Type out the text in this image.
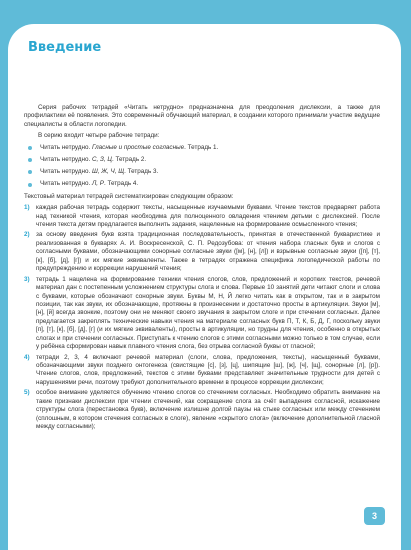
Введение

Серия рабочих тетрадей «Читать нетрудно» предназначена для преодоления дислексии, а также для профилактики её появления. Это современный обучающий материал, в создании которого принимали участие ведущие специалисты в области логопедии.

В серию входит четыре рабочие тетради:

Читать нетрудно. Гласные и простые согласные. Тетрадь 1.
Читать нетрудно. С, З, Ц. Тетрадь 2.
Читать нетрудно. Ш, Ж, Ч, Щ. Тетрадь 3.
Читать нетрудно. Л, Р. Тетрадь 4.

Текстовый материал тетрадей систематизирован следующим образом:

1)	каждая рабочая тетрадь содержит тексты, насыщенные изучаемыми буквами. Чтение текстов предваряет работа над техникой чтения, которая необходима для полноценного овладения чтением детьми с дислексией. После чтения текста детям предлагается выполнить задания, нацеленные на формирование осмысленного чтения;
2)	за основу введения букв взята традиционная последовательность, принятая в отечественной букваристике и реализованная в букварях А. И. Воскресенской, С. П. Редозубова: от чтения набора гласных букв и слогов с согласными буквами, обозначающими сонорные согласные звуки ([м], [н], [л]) и взрывные согласные звуки ([п], [т], [к], [б], [д], [г]) и их мягкие эквиваленты. Также в тетрадях отражена специфика логопедической работы по предупреждению и коррекции нарушений чтения;
3)	тетрадь 1 нацелена на формирование техники чтения слогов, слов, предложений и коротких текстов, речевой материал дан с постепенным усложнением структуры слога и слова. Первые 10 занятий дети читают слоги и слова с буквами, которые обозначают сонорные звуки. Буквы М, Н, Й легко читать как в открытом, так и в закрытом позиции, так как звуки, их обозначающие, протяжны в произнесении и достаточно просты в артикуляции. Звуки [м], [н], [й] всегда звонкие, поэтому они не меняют своего звучания в закрытом слоге и при стечении согласных. Далее предлагается закреплять технические навыки чтения на материале согласных букв П, Т, К, Б, Д, Г, поскольку звуки [п], [т], [к], [б], [д], [г] (и их мягкие эквиваленты), просты в артикуляции, но трудны для чтения, особенно в открытых слогах и при стечении согласных. Приступать к чтению слогов с этими согласными можно только в том случае, если у ребёнка сформирован навык плавного чтения слога, без отрыва согласной буквы от гласной;
4)	тетради 2, 3, 4 включают речевой материал (слоги, слова, предложения, тексты), насыщенный буквами, обозначающими звуки позднего онтогенеза (свистящие [с], [з], [ц], шипящие [ш], [ж], [ч], [щ], сонорные [л], [р]). Чтение слогов, слов, предложений, текстов с этими буквами представляет значительные трудности для детей с нарушениями речи, поэтому требуют дополнительного времени в процессе коррекции дислексии;
5)	особое внимание уделяется обучению чтению слогов со стечением согласных. Необходимо обратить внимание на такие признаки дислексии при чтении стечений, как сокращение слога за счёт выпадения согласной, искажение структуры слога (перестановка букв), включение излишне долгой паузы на стыке согласных или между стечением (сплошным, в котором стечения согласных в слоге), явление «скрытого слога» (включение дополнительной гласной между согласными);
3
